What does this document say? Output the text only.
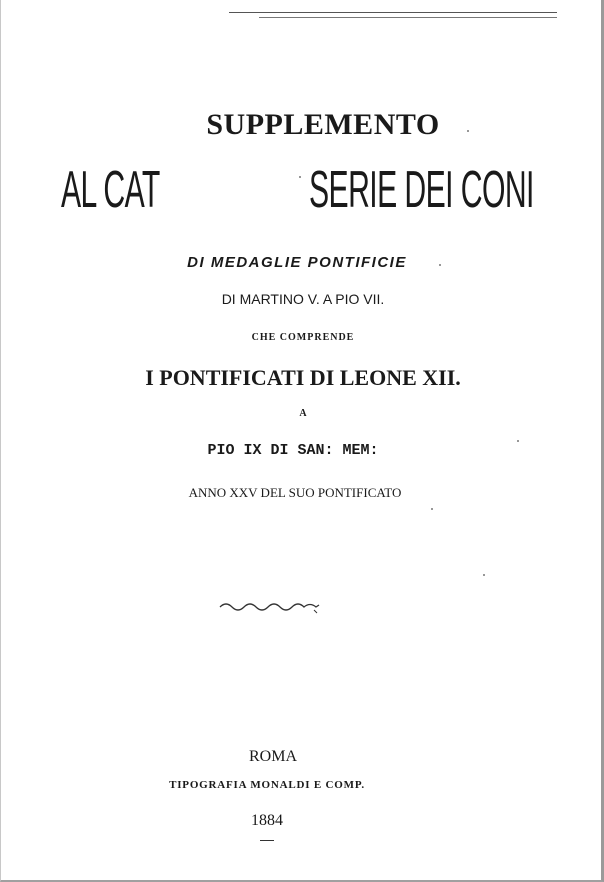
SUPPLEMENTO
AL CAT	SERIE DEI CONI
DI MEDAGLIE PONTIFICIE
DI MARTINO V. A PIO VII.
CHE COMPRENDE
I PONTIFICATI DI LEONE XII.
A
PIO IX DI SAN: MEM:
ANNO XXV DEL SUO PONTIFICATO
ROMA
TIPOGRAFIA MONALDI E COMP.
1884
